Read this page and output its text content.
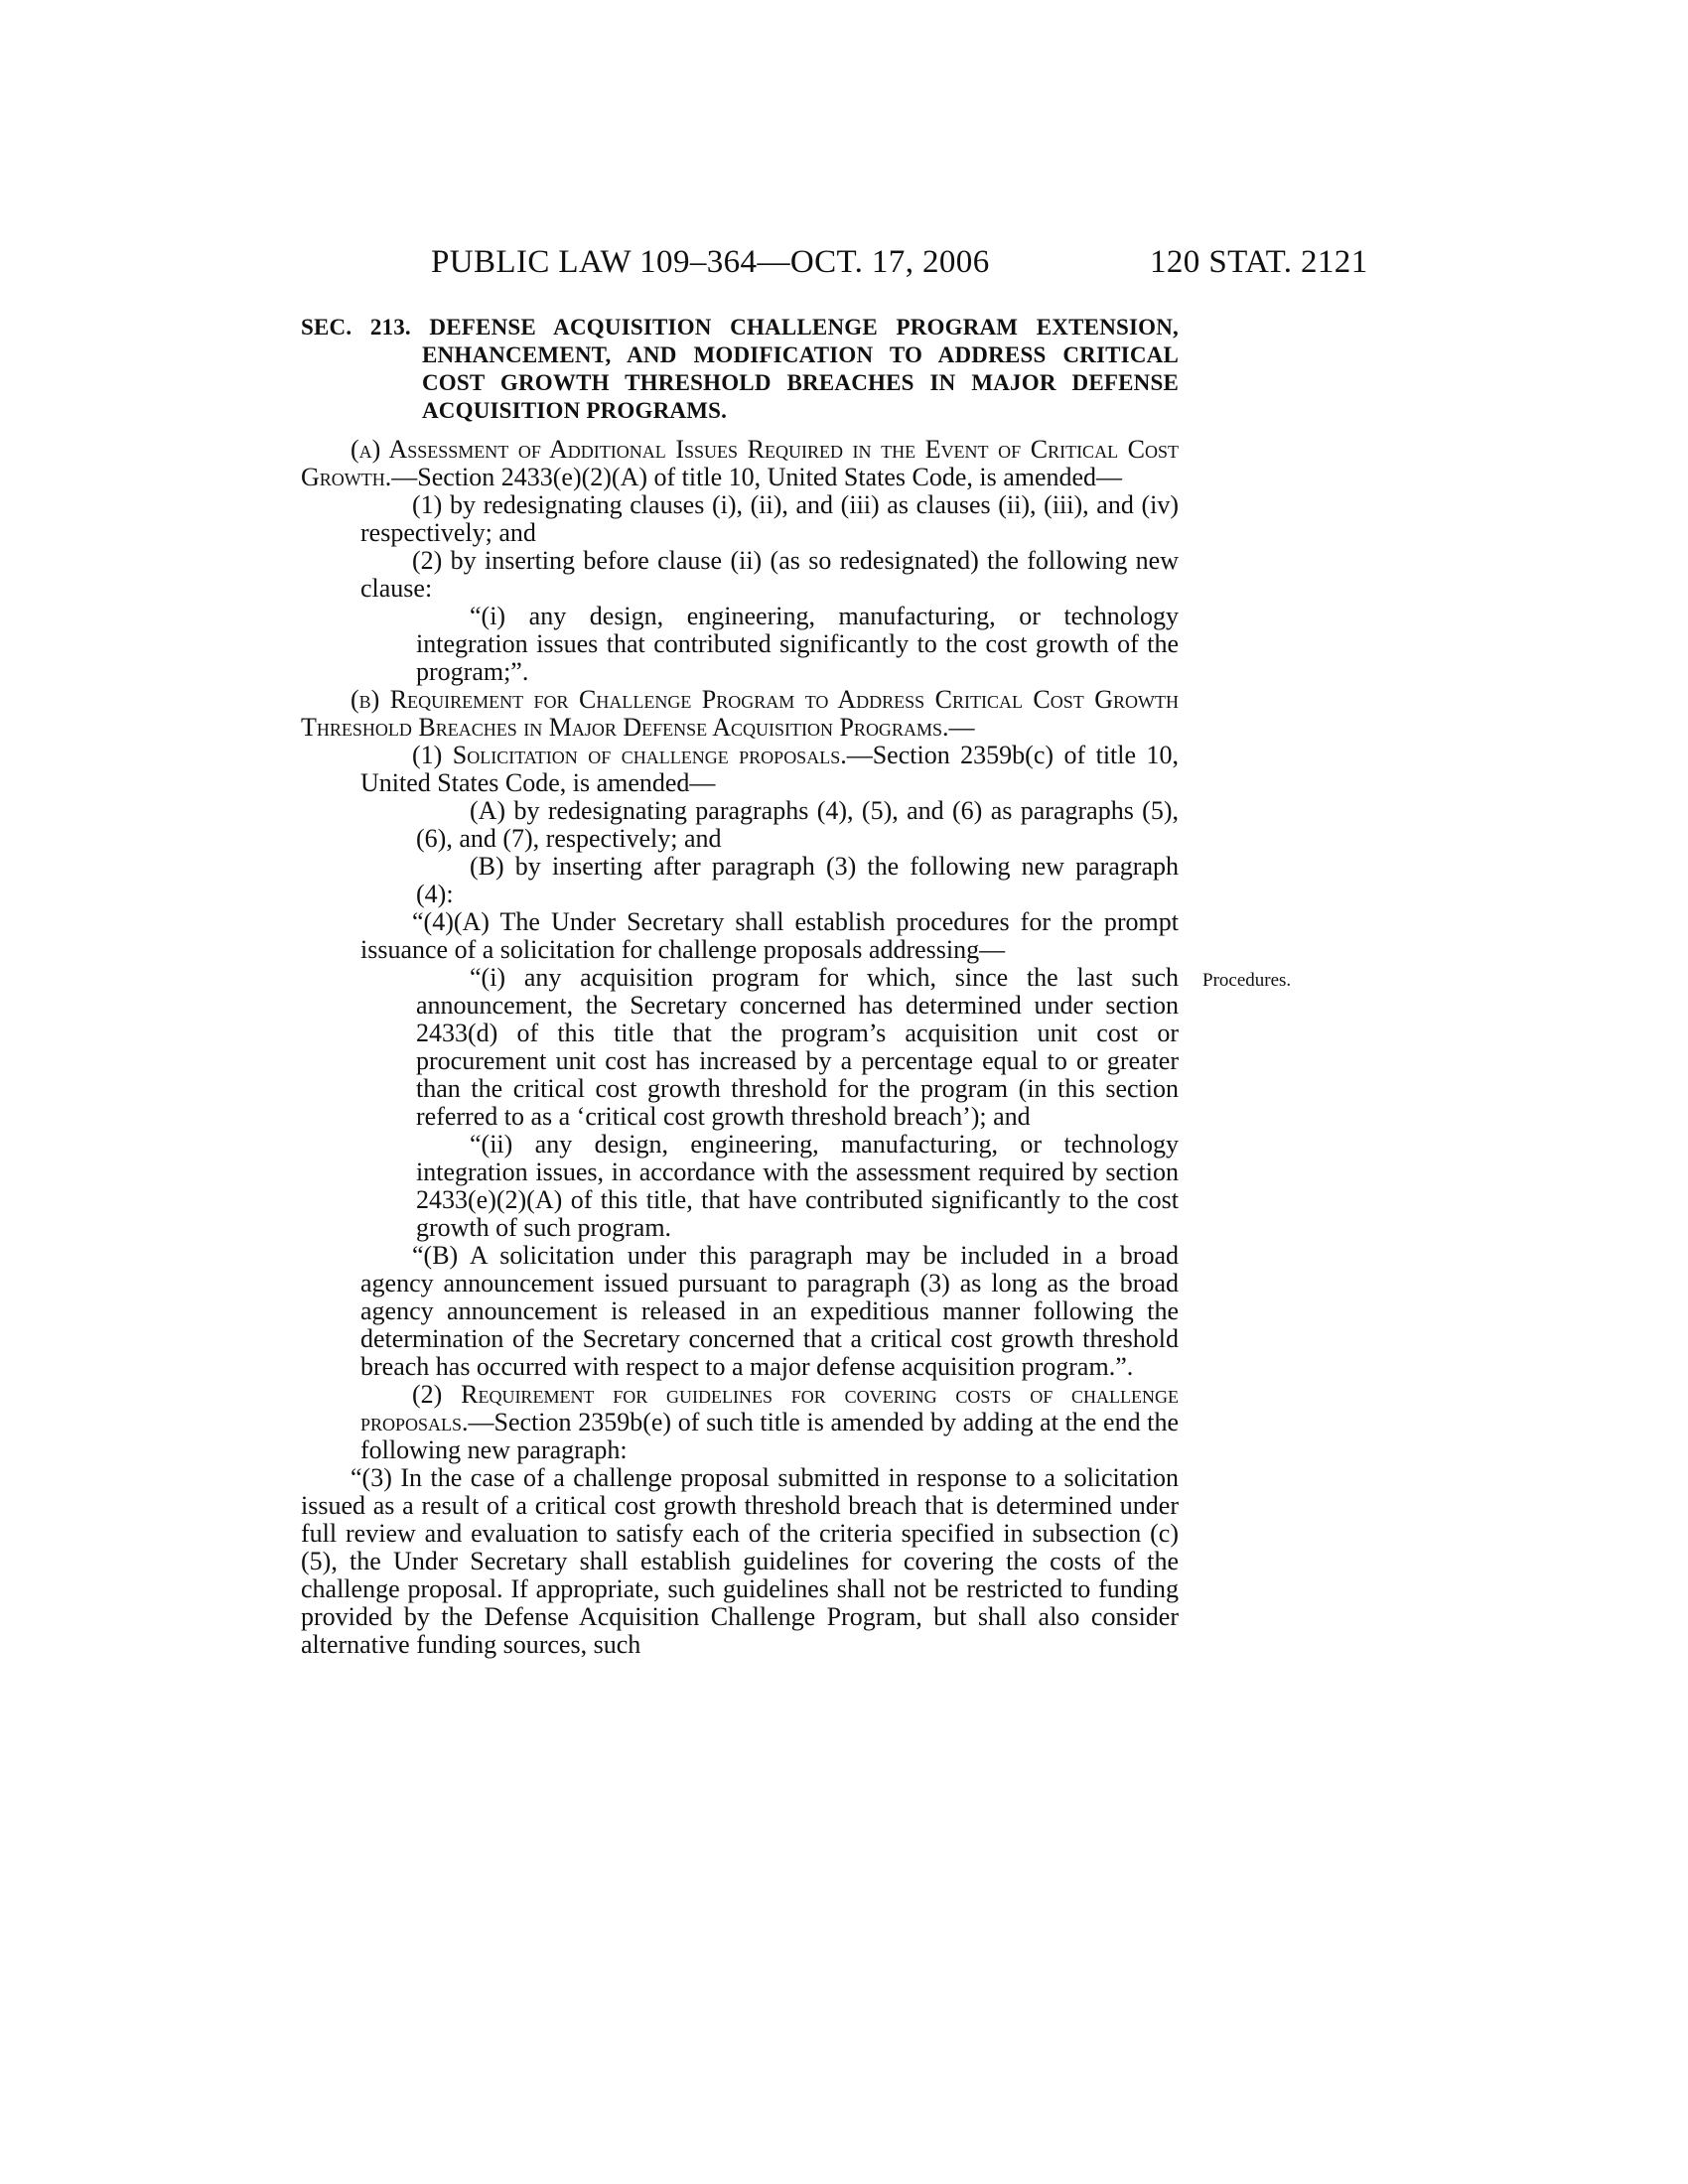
PUBLIC LAW 109–364—OCT. 17, 2006	120 STAT. 2121
SEC. 213. DEFENSE ACQUISITION CHALLENGE PROGRAM EXTENSION, ENHANCEMENT, AND MODIFICATION TO ADDRESS CRITICAL COST GROWTH THRESHOLD BREACHES IN MAJOR DEFENSE ACQUISITION PROGRAMS.

(a) Assessment of Additional Issues Required in the Event of Critical Cost Growth.—Section 2433(e)(2)(A) of title 10, United States Code, is amended—

(1) by redesignating clauses (i), (ii), and (iii) as clauses (ii), (iii), and (iv) respectively; and

(2) by inserting before clause (ii) (as so redesignated) the following new clause:

“(i) any design, engineering, manufacturing, or technology integration issues that contributed significantly to the cost growth of the program;”.

(b) Requirement for Challenge Program to Address Critical Cost Growth Threshold Breaches in Major Defense Acquisition Programs.—

(1) Solicitation of challenge proposals.—Section 2359b(c) of title 10, United States Code, is amended—

(A) by redesignating paragraphs (4), (5), and (6) as paragraphs (5), (6), and (7), respectively; and

(B) by inserting after paragraph (3) the following new paragraph (4):

“(4)(A) The Under Secretary shall establish procedures for the prompt issuance of a solicitation for challenge proposals addressing—

“(i) any acquisition program for which, since the last such announcement, the Secretary concerned has determined under section 2433(d) of this title that the program’s acquisition unit cost or procurement unit cost has increased by a percentage equal to or greater than the critical cost growth threshold for the program (in this section referred to as a ‘critical cost growth threshold breach’); and

“(ii) any design, engineering, manufacturing, or technology integration issues, in accordance with the assessment required by section 2433(e)(2)(A) of this title, that have contributed significantly to the cost growth of such program.

“(B) A solicitation under this paragraph may be included in a broad agency announcement issued pursuant to paragraph (3) as long as the broad agency announcement is released in an expeditious manner following the determination of the Secretary concerned that a critical cost growth threshold breach has occurred with respect to a major defense acquisition program.”.

(2) Requirement for guidelines for covering costs of challenge proposals.—Section 2359b(e) of such title is amended by adding at the end the following new paragraph:

“(3) In the case of a challenge proposal submitted in response to a solicitation issued as a result of a critical cost growth threshold breach that is determined under full review and evaluation to satisfy each of the criteria specified in subsection (c)(5), the Under Secretary shall establish guidelines for covering the costs of the challenge proposal. If appropriate, such guidelines shall not be restricted to funding provided by the Defense Acquisition Challenge Program, but shall also consider alternative funding sources, such

Procedures.
